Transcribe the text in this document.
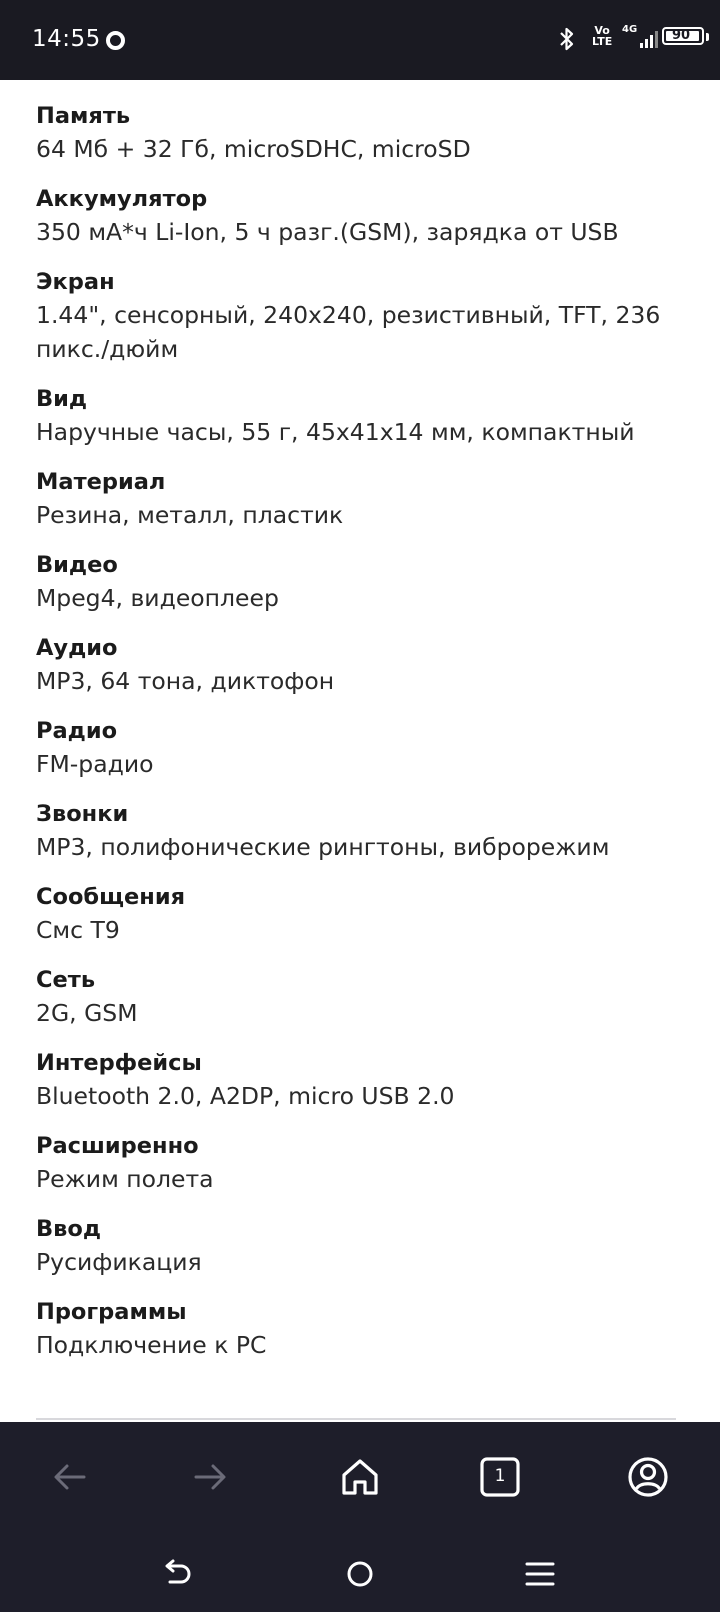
14:55	Vo
LTE
4G	90
Память
64 Мб + 32 Гб, microSDHC, microSD
Аккумулятор
350 мА*ч Li-Ion, 5 ч разг.(GSM), зарядка от USB
Экран
1.44", сенсорный, 240x240, резистивный, TFT, 236 пикс./дюйм
Вид
Наручные часы, 55 г, 45x41x14 мм, компактный
Материал
Резина, металл, пластик
Видео
Mpeg4, видеоплеер
Аудио
MP3, 64 тона, диктофон
Радио
FM-радио
Звонки
MP3, полифонические рингтоны, виброрежим
Сообщения
Смс T9
Сеть
2G, GSM
Интерфейсы
Bluetooth 2.0, A2DP, micro USB 2.0
Расширенно
Режим полета
Ввод
Русификация
Программы
Подключение к PC
1
